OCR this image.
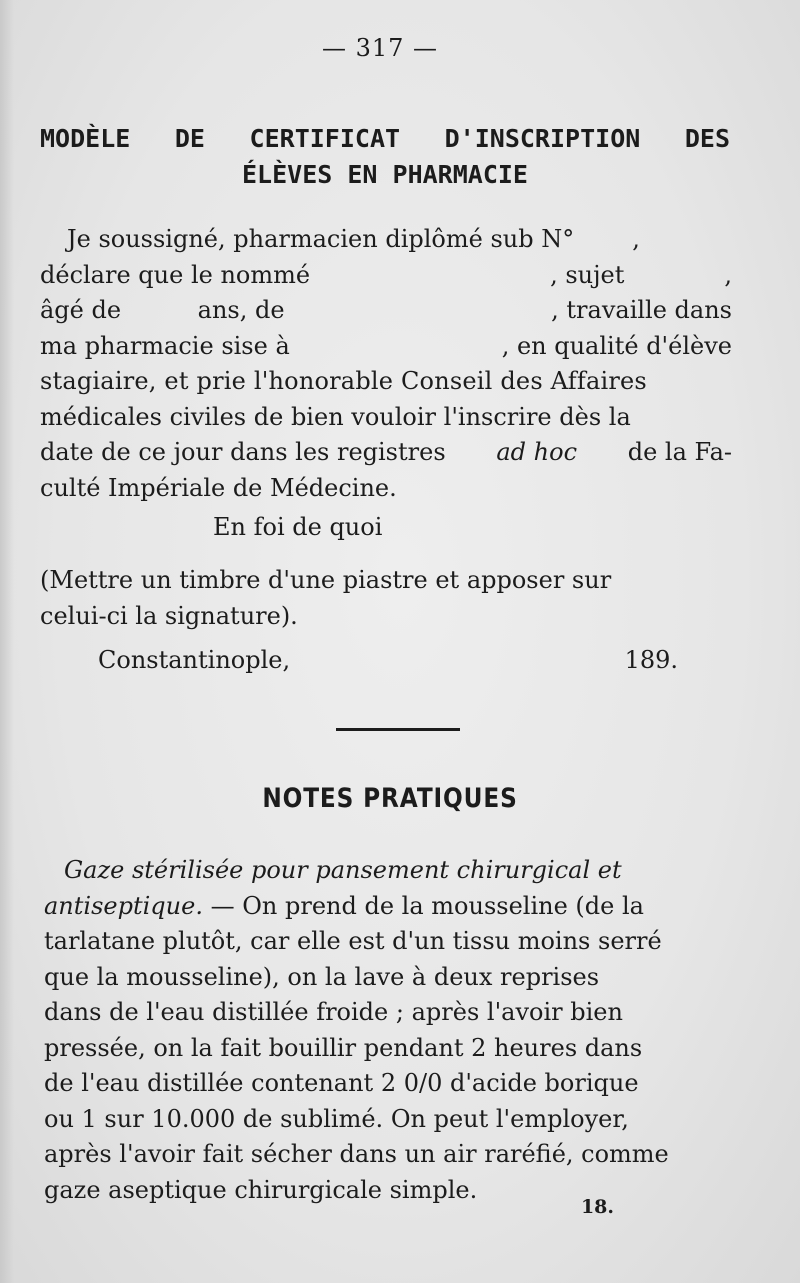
— 317 —
MODÈLE DE CERTIFICAT D'INSCRIPTION DES
ÉLÈVES EN PHARMACIE
Je soussigné, pharmacien diplômé sub N° ,
déclare que le nommé	, sujet	,
âgé de	ans, de	, travaille dans
ma pharmacie sise à	, en qualité d'élève
stagiaire, et prie l'honorable Conseil des Affaires
médicales civiles de bien vouloir l'inscrire dès la
date de ce jour dans les registres ad hoc de la Fa-
culté Impériale de Médecine.
En foi de quoi
(Mettre un timbre d'une piastre et apposer sur
celui-ci la signature).
Constantinople,	189.
NOTES PRATIQUES
Gaze stérilisée pour pansement chirurgical et
antiseptique. — On prend de la mousseline (de la
tarlatane plutôt, car elle est d'un tissu moins serré
que la mousseline), on la lave à deux reprises
dans de l'eau distillée froide ; après l'avoir bien
pressée, on la fait bouillir pendant 2 heures dans
de l'eau distillée contenant 2 0/0 d'acide borique
ou 1 sur 10.000 de sublimé. On peut l'employer,
après l'avoir fait sécher dans un air raréfié, comme
gaze aseptique chirurgicale simple.
18.
